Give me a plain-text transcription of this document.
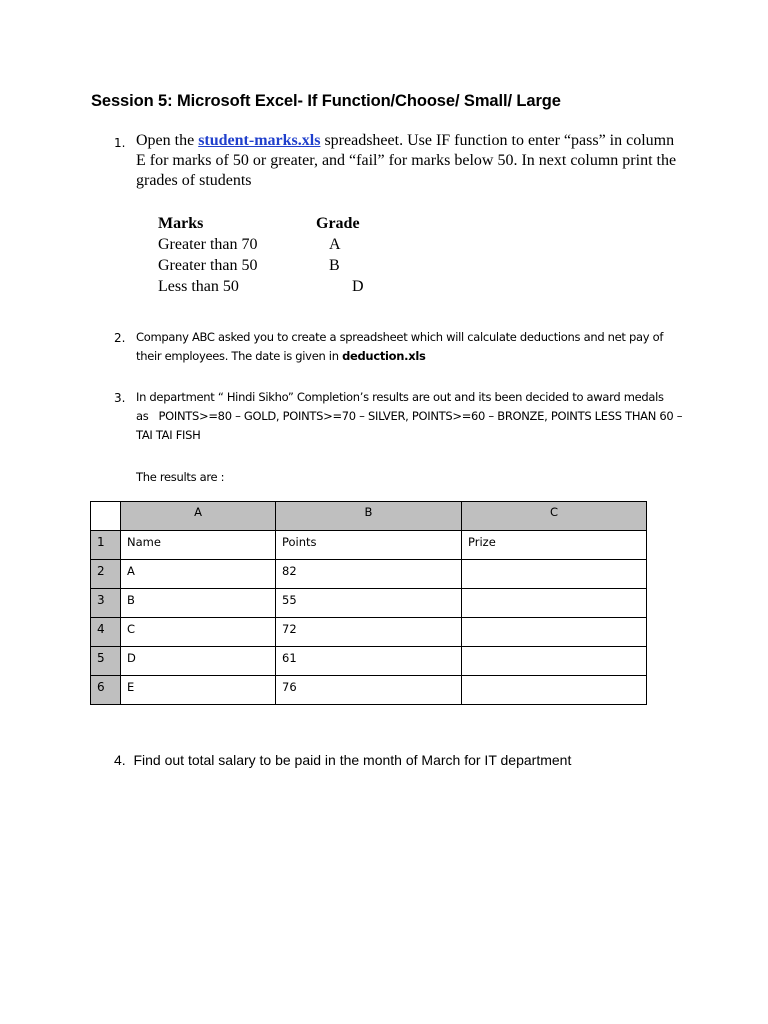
Session 5: Microsoft Excel- If Function/Choose/ Small/ Large
1. Open the student-marks.xls spreadsheet. Use IF function to enter “pass” in column E for marks of 50 or greater, and “fail” for marks below 50. In next column print the grades of students

Marks	Grade
Greater than 70	A
Greater than 50	B
Less than 50	D
2. Company ABC asked you to create a spreadsheet which will calculate deductions and net pay of their employees. The date is given in deduction.xls

3. In department “ Hindi Sikho” Completion’s results are out and its been decided to award medals
as   POINTS>=80 – GOLD, POINTS>=70 – SILVER, POINTS>=60 – BRONZE, POINTS LESS THAN 60 –
TAI TAI FISH

The results are :

	A	B	C
1	Name	Points	Prize
2	A	82	
3	B	55	
4	C	72	
5	D	61	
6	E	76	

4. Find out total salary to be paid in the month of March for IT department
